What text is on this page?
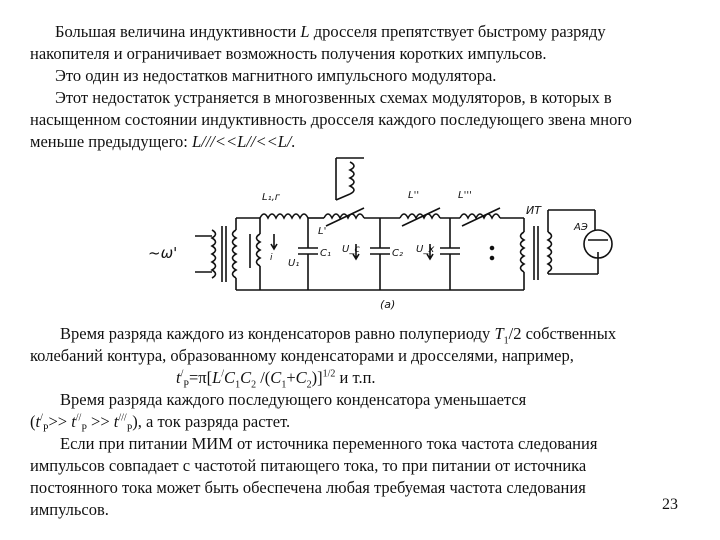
Большая величина индуктивности L дросселя препятствует быстрому разряду
накопителя и ограничивает возможность получения коротких импульсов.
Это один из недостатков магнитного импульсного модулятора.
Этот недостаток устраняется в многозвенных схемах модуляторов, в которых в
насыщенном состоянии индуктивность дросселя каждого последующего звена много
меньше предыдущего: L///<<L//<<L/.
~ω'
L₁,г
L'
L''	L'''
i	С₁
U₁
U_c	С₂ U_x
ИТ
АЭ
(а)
Время разряда каждого из конденсаторов равно полупериоду $T_1/2$ собственных
колебаний контура, образованному конденсаторами и дросселями, например,
$t^/_P=\pi[L^/C_1C_2$ $/(C_1+C_2)]^{1/2}$ и т.п.
Время разряда каждого последующего конденсатора уменьшается
$(t^/_P>> t^{//}_P >> t^{///}_P)$, а ток разряда растет.
Если при питании МИМ от источника переменного тока частота следования
импульсов совпадает с частотой питающего тока, то при питании от источника
постоянного тока может быть обеспечена любая требуемая частота следования
импульсов.	23
